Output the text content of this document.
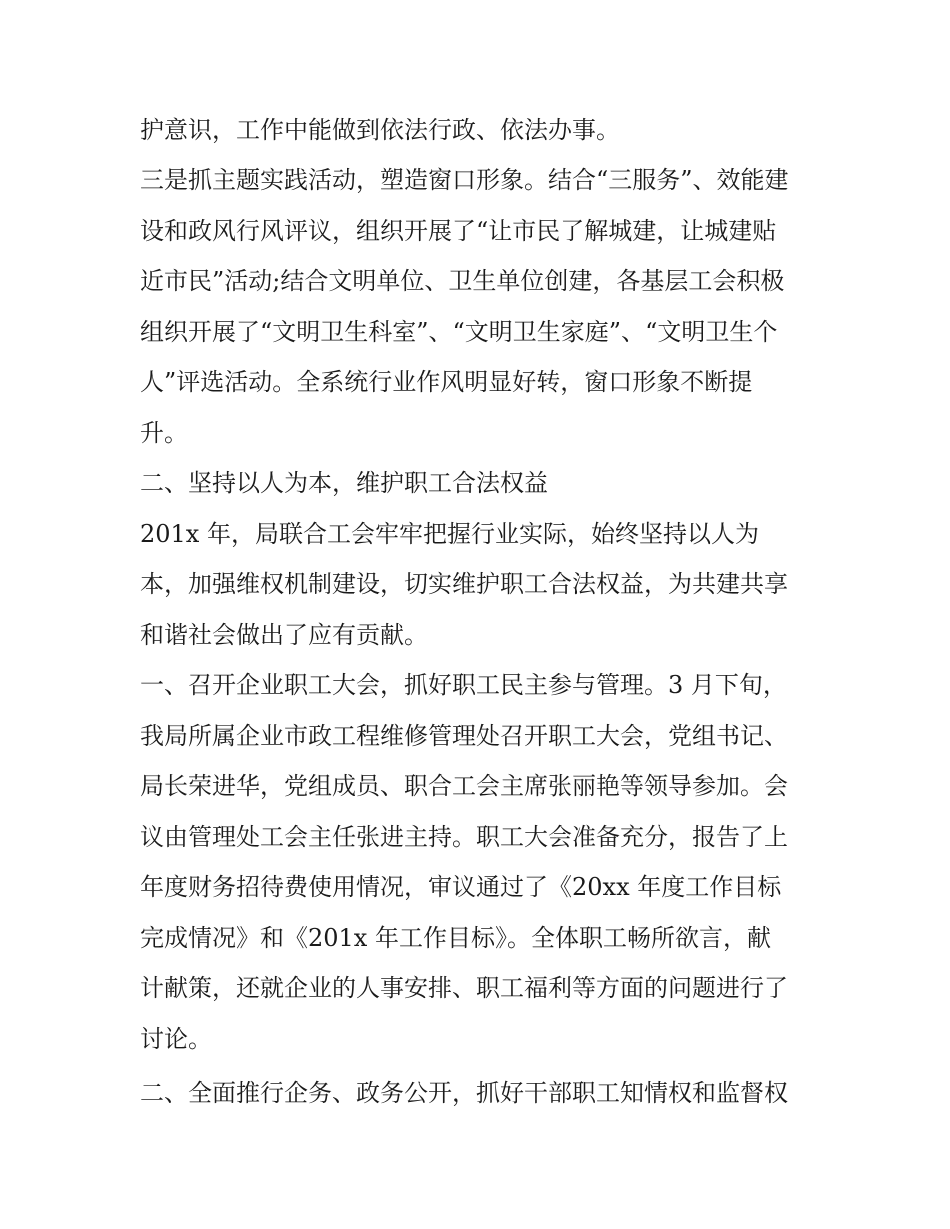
护意识，工作中能做到依法行政、依法办事。

三是抓主题实践活动，塑造窗口形象。结合“三服务”、效能建

设和政风行风评议，组织开展了“让市民了解城建，让城建贴

近市民”活动;结合文明单位、卫生单位创建，各基层工会积极

组织开展了“文明卫生科室”、“文明卫生家庭”、“文明卫生个

人”评选活动。全系统行业作风明显好转，窗口形象不断提

升。

二、坚持以人为本，维护职工合法权益

201x 年，局联合工会牢牢把握行业实际，始终坚持以人为

本，加强维权机制建设，切实维护职工合法权益，为共建共享

和谐社会做出了应有贡献。

一、召开企业职工大会，抓好职工民主参与管理。3 月下旬，

我局所属企业市政工程维修管理处召开职工大会，党组书记、

局长荣进华，党组成员、职合工会主席张丽艳等领导参加。会

议由管理处工会主任张进主持。职工大会准备充分，报告了上

年度财务招待费使用情况，审议通过了《20xx 年度工作目标

完成情况》和《201x 年工作目标》。全体职工畅所欲言，献

计献策，还就企业的人事安排、职工福利等方面的问题进行了

讨论。

二、全面推行企务、政务公开，抓好干部职工知情权和监督权
